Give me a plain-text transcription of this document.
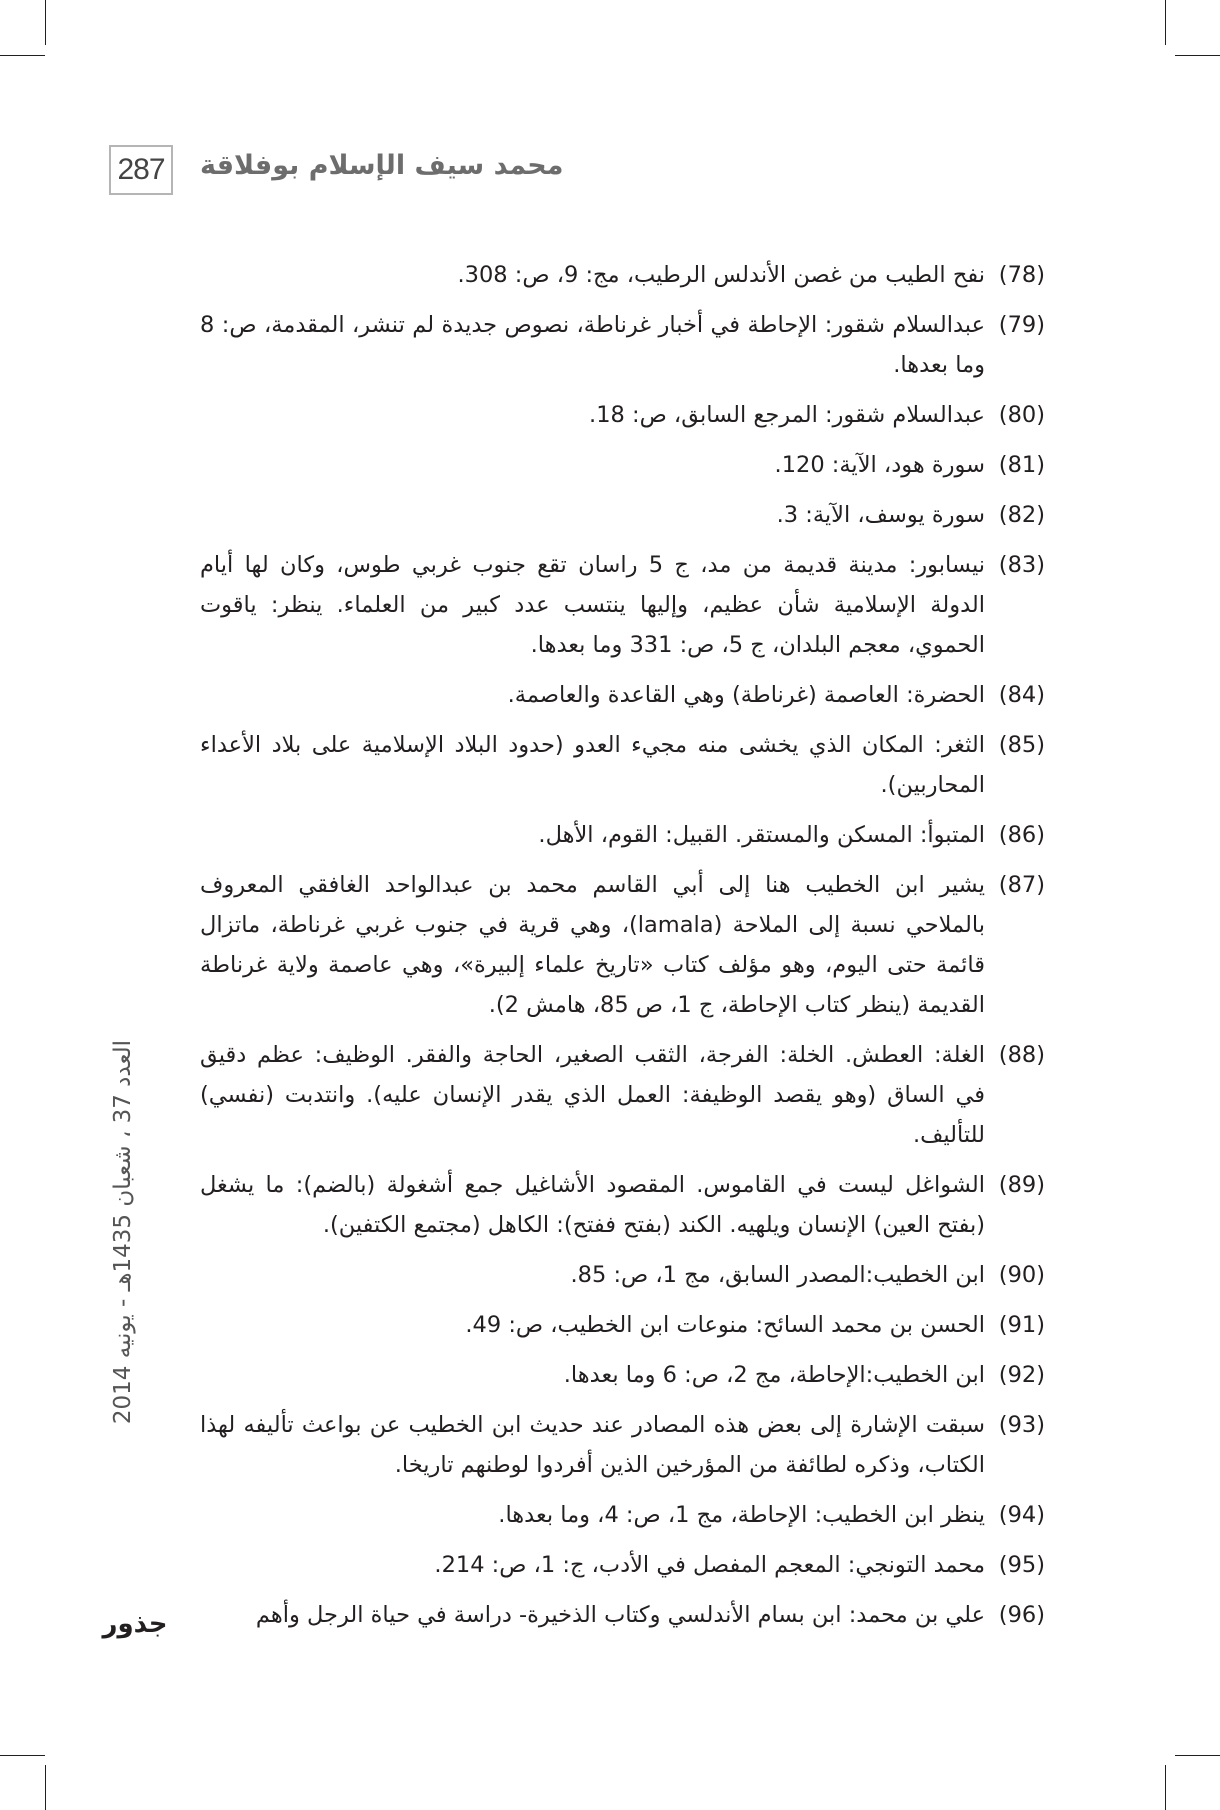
287 محمد سيف الإسلام بوفلاقة
(78)
نفح الطيب من غصن الأندلس الرطيب، مج: 9، ص: 308.
(79)
عبدالسلام شقور: الإحاطة في أخبار غرناطة، نصوص جديدة لم تنشر، المقدمة، ص: 8 وما بعدها.
(80)
عبدالسلام شقور: المرجع السابق، ص: 18.
(81)
سورة هود، الآية: 120.
(82)
سورة يوسف، الآية: 3.
(83)
نيسابور: مدينة قديمة من مد، ج 5 راسان تقع جنوب غربي طوس، وكان لها أيام الدولة الإسلامية شأن عظيم، وإليها ينتسب عدد كبير من العلماء. ينظر: ياقوت الحموي، معجم البلدان، ج 5، ص: 331 وما بعدها.
(84)
الحضرة: العاصمة (غرناطة) وهي القاعدة والعاصمة.
(85)
الثغر: المكان الذي يخشى منه مجيء العدو (حدود البلاد الإسلامية على بلاد الأعداء المحاربين).
(86)
المتبوأ: المسكن والمستقر. القبيل: القوم، الأهل.
(87)
يشير ابن الخطيب هنا إلى أبي القاسم محمد بن عبدالواحد الغافقي المعروف بالملاحي نسبة إلى الملاحة (lamala)، وهي قرية في جنوب غربي غرناطة، ماتزال قائمة حتى اليوم، وهو مؤلف كتاب «تاريخ علماء إلبيرة»، وهي عاصمة ولاية غرناطة القديمة (ينظر كتاب الإحاطة، ج 1، ص 85، هامش 2).
(88)
الغلة: العطش. الخلة: الفرجة، الثقب الصغير، الحاجة والفقر. الوظيف: عظم دقيق في الساق (وهو يقصد الوظيفة: العمل الذي يقدر الإنسان عليه). وانتدبت (نفسي) للتأليف.
(89)
الشواغل ليست في القاموس. المقصود الأشاغيل جمع أشغولة (بالضم): ما يشغل (بفتح العين) الإنسان ويلهيه. الكند (بفتح ففتح): الكاهل (مجتمع الكتفين).
(90)
ابن الخطيب:المصدر السابق، مج 1، ص: 85.
(91)
الحسن بن محمد السائح: منوعات ابن الخطيب، ص: 49.
(92)
ابن الخطيب:الإحاطة، مج 2، ص: 6 وما بعدها.
(93)
سبقت الإشارة إلى بعض هذه المصادر عند حديث ابن الخطيب عن بواعث تأليفه لهذا الكتاب، وذكره لطائفة من المؤرخين الذين أفردوا لوطنهم تاريخا.
(94)
ينظر ابن الخطيب: الإحاطة، مج 1، ص: 4، وما بعدها.
(95)
محمد التونجي: المعجم المفصل في الأدب، ج: 1، ص: 214.
(96)
علي بن محمد: ابن بسام الأندلسي وكتاب الذخيرة- دراسة في حياة الرجل وأهم
العدد 37 ، شعبان 1435هـ - يونيه 2014
جذور
